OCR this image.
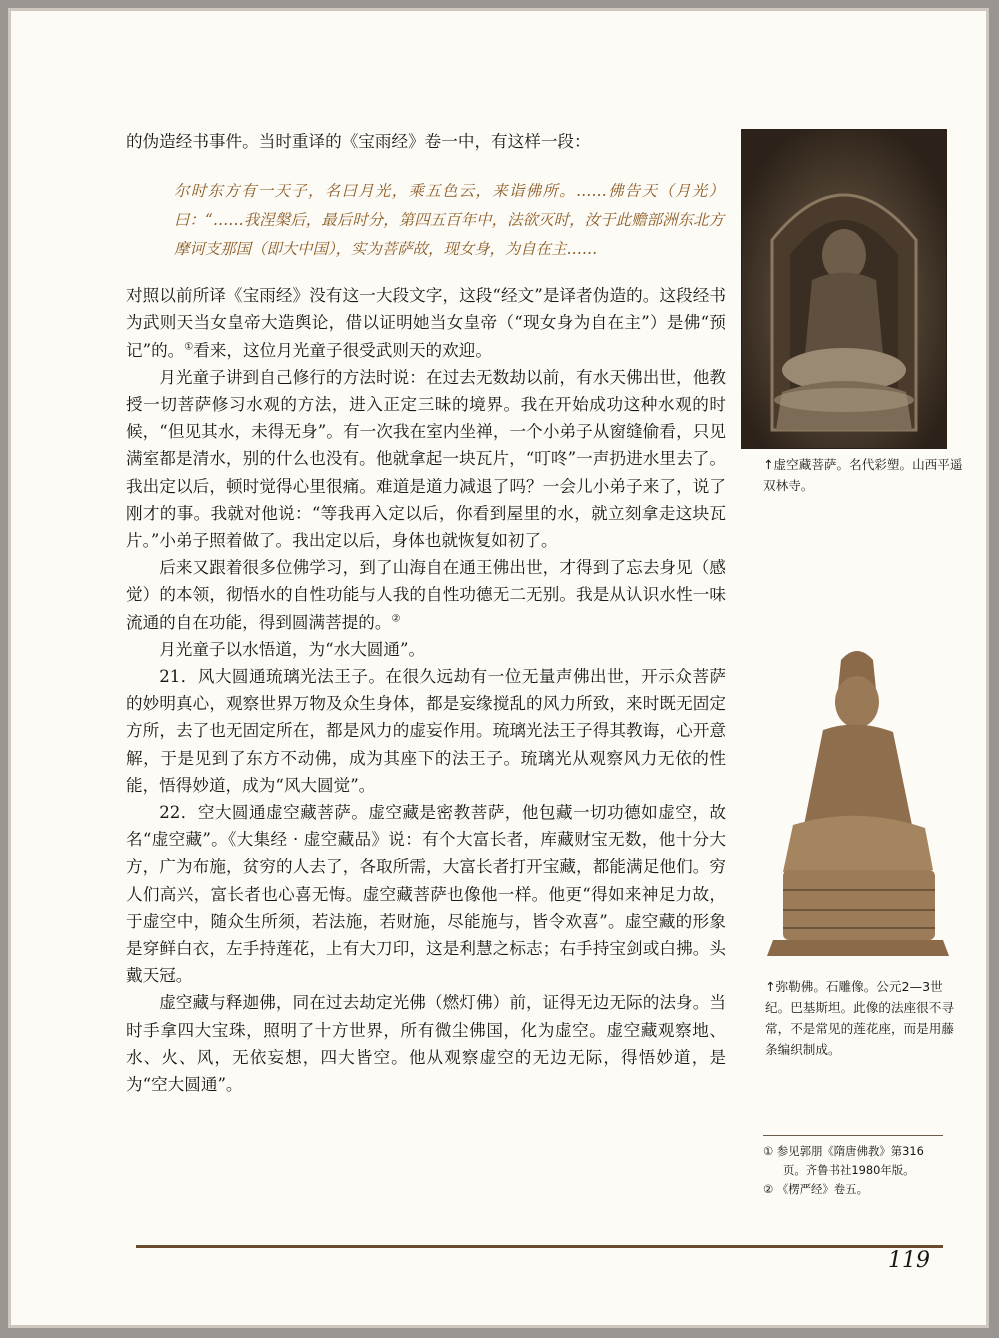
的伪造经书事件。当时重译的《宝雨经》卷一中，有这样一段：

尔时东方有一天子，名曰月光，乘五色云，来诣佛所。……佛告天（月光）曰：“……我涅槃后，最后时分，第四五百年中，法欲灭时，汝于此赡部洲东北方摩诃支那国（即大中国），实为菩萨故，现女身，为自在主……

对照以前所译《宝雨经》没有这一大段文字，这段“经文”是译者伪造的。这段经书为武则天当女皇帝大造舆论，借以证明她当女皇帝（“现女身为自在主”）是佛“预记”的。①看来，这位月光童子很受武则天的欢迎。

月光童子讲到自己修行的方法时说：在过去无数劫以前，有水天佛出世，他教授一切菩萨修习水观的方法，进入正定三昧的境界。我在开始成功这种水观的时候，“但见其水，未得无身”。有一次我在室内坐禅，一个小弟子从窗缝偷看，只见满室都是清水，别的什么也没有。他就拿起一块瓦片，“叮咚”一声扔进水里去了。我出定以后，顿时觉得心里很痛。难道是道力减退了吗？一会儿小弟子来了，说了刚才的事。我就对他说：“等我再入定以后，你看到屋里的水，就立刻拿走这块瓦片。”小弟子照着做了。我出定以后，身体也就恢复如初了。

后来又跟着很多位佛学习，到了山海自在通王佛出世，才得到了忘去身见（感觉）的本领，彻悟水的自性功能与人我的自性功德无二无别。我是从认识水性一味流通的自在功能，得到圆满菩提的。②

月光童子以水悟道，为“水大圆通”。

21．风大圆通琉璃光法王子。在很久远劫有一位无量声佛出世，开示众菩萨的妙明真心，观察世界万物及众生身体，都是妄缘搅乱的风力所致，来时既无固定方所，去了也无固定所在，都是风力的虚妄作用。琉璃光法王子得其教诲，心开意解，于是见到了东方不动佛，成为其座下的法王子。琉璃光从观察风力无依的性能，悟得妙道，成为“风大圆觉”。

22．空大圆通虚空藏菩萨。虚空藏是密教菩萨，他包藏一切功德如虚空，故名“虚空藏”。《大集经 · 虚空藏品》说：有个大富长者，库藏财宝无数，他十分大方，广为布施，贫穷的人去了，各取所需，大富长者打开宝藏，都能满足他们。穷人们高兴，富长者也心喜无悔。虚空藏菩萨也像他一样。他更“得如来神足力故，于虚空中，随众生所须，若法施，若财施，尽能施与，皆令欢喜”。虚空藏的形象是穿鲜白衣，左手持莲花，上有大刀印，这是利慧之标志；右手持宝剑或白拂。头戴天冠。

虚空藏与释迦佛，同在过去劫定光佛（燃灯佛）前，证得无边无际的法身。当时手拿四大宝珠，照明了十方世界，所有微尘佛国，化为虚空。虚空藏观察地、水、火、风，无依妄想，四大皆空。他从观察虚空的无边无际，得悟妙道，是为“空大圆通”。

↑虚空藏菩萨。名代彩塑。山西平遥双林寺。
↑弥勒佛。石雕像。公元2—3世纪。巴基斯坦。此像的法座很不寻常，不是常见的莲花座，而是用藤条编织制成。

① 参见郭朋《隋唐佛教》第316页。齐鲁书社1980年版。

② 《楞严经》卷五。

119
